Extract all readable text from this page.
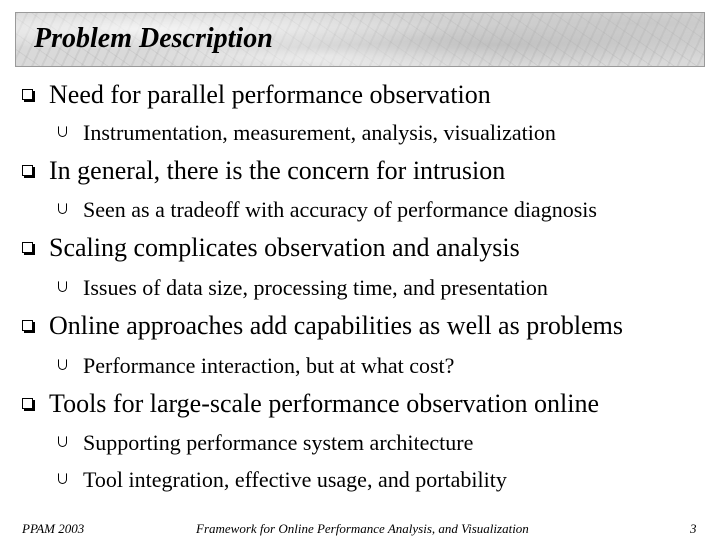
Problem Description
Need for parallel performance observation
Instrumentation, measurement, analysis, visualization
In general, there is the concern for intrusion
Seen as a tradeoff with accuracy of performance diagnosis
Scaling complicates observation and analysis
Issues of data size, processing time, and presentation
Online approaches add capabilities as well as problems
Performance interaction, but at what cost?
Tools for large-scale performance observation online
Supporting performance system architecture
Tool integration, effective usage, and portability
PPAM 2003	Framework for Online Performance Analysis, and Visualization	3
